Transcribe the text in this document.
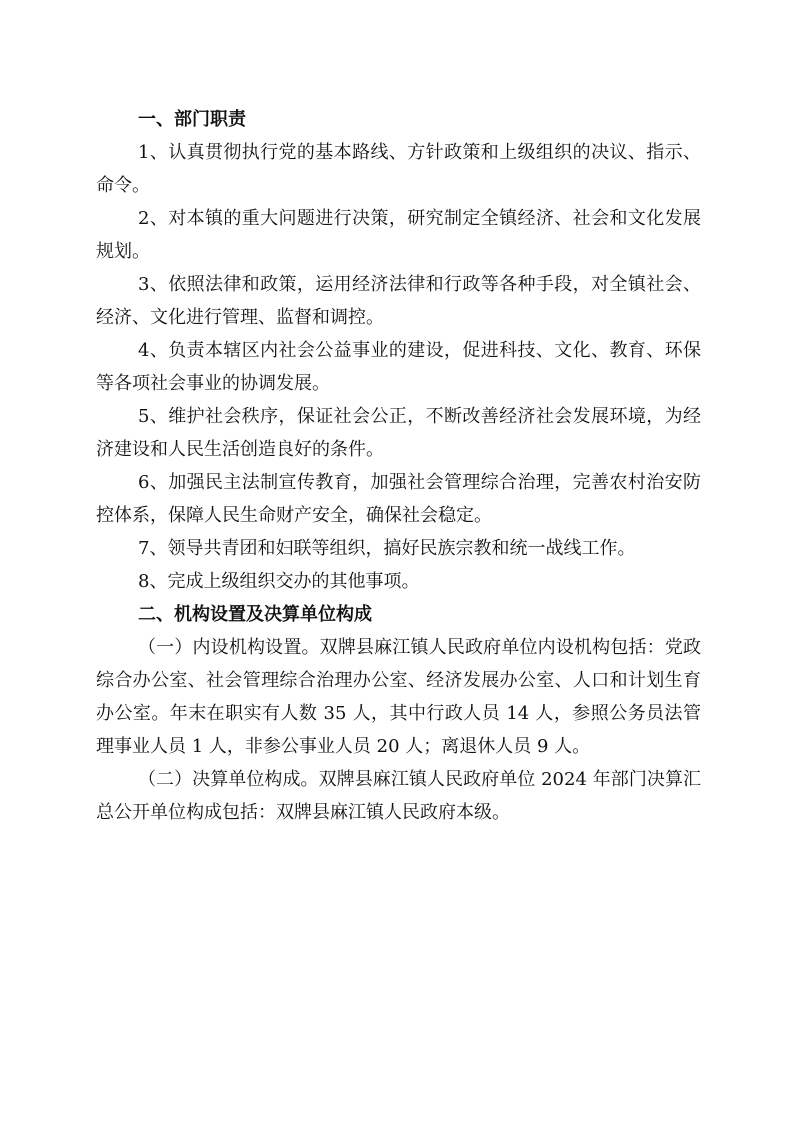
一、部门职责

1、认真贯彻执行党的基本路线、方针政策和上级组织的决议、指示、命令。

2、对本镇的重大问题进行决策，研究制定全镇经济、社会和文化发展规划。

3、依照法律和政策，运用经济法律和行政等各种手段，对全镇社会、经济、文化进行管理、监督和调控。

4、负责本辖区内社会公益事业的建设，促进科技、文化、教育、环保等各项社会事业的协调发展。

5、维护社会秩序，保证社会公正，不断改善经济社会发展环境，为经济建设和人民生活创造良好的条件。

6、加强民主法制宣传教育，加强社会管理综合治理，完善农村治安防控体系，保障人民生命财产安全，确保社会稳定。

7、领导共青团和妇联等组织，搞好民族宗教和统一战线工作。

8、完成上级组织交办的其他事项。

二、机构设置及决算单位构成

（一）内设机构设置。双牌县麻江镇人民政府单位内设机构包括：党政综合办公室、社会管理综合治理办公室、经济发展办公室、人口和计划生育办公室。年末在职实有人数 35 人，其中行政人员 14 人，参照公务员法管理事业人员 1 人，非参公事业人员 20 人；离退休人员 9 人。

（二）决算单位构成。双牌县麻江镇人民政府单位 2024 年部门决算汇总公开单位构成包括：双牌县麻江镇人民政府本级。
